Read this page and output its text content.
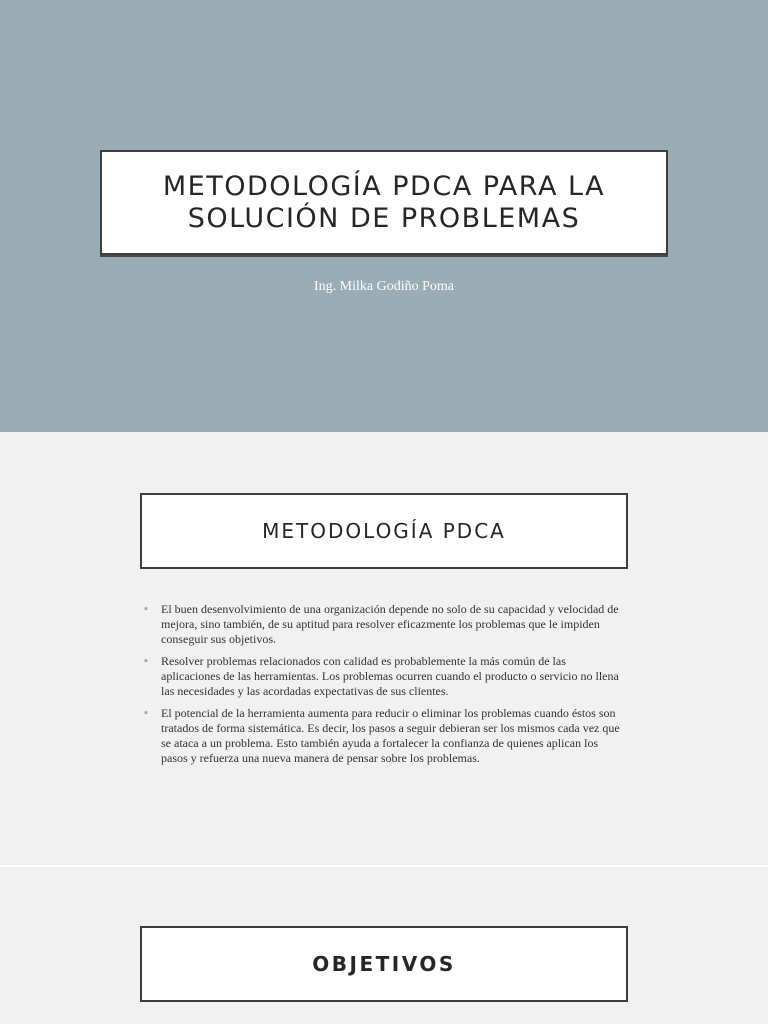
METODOLOGÍA PDCA PARA LA
SOLUCIÓN DE PROBLEMAS
Ing. Milka Godiño Poma
METODOLOGÍA PDCA
▪ El buen desenvolvimiento de una organización depende no solo de su capacidad y velocidad de mejora, sino también, de su aptitud para resolver eficazmente los problemas que le impiden conseguir sus objetivos.
▪ Resolver problemas relacionados con calidad es probablemente la más común de las aplicaciones de las herramientas. Los problemas ocurren cuando el producto o servicio no llena las necesidades y las acordadas expectativas de sus clientes.
▪ El potencial de la herramienta aumenta para reducir o eliminar los problemas cuando éstos son tratados de forma sistemática. Es decir, los pasos a seguir debieran ser los mismos cada vez que se ataca a un problema. Esto también ayuda a fortalecer la confianza de quienes aplican los pasos y refuerza una nueva manera de pensar sobre los problemas.
OBJETIVOS
